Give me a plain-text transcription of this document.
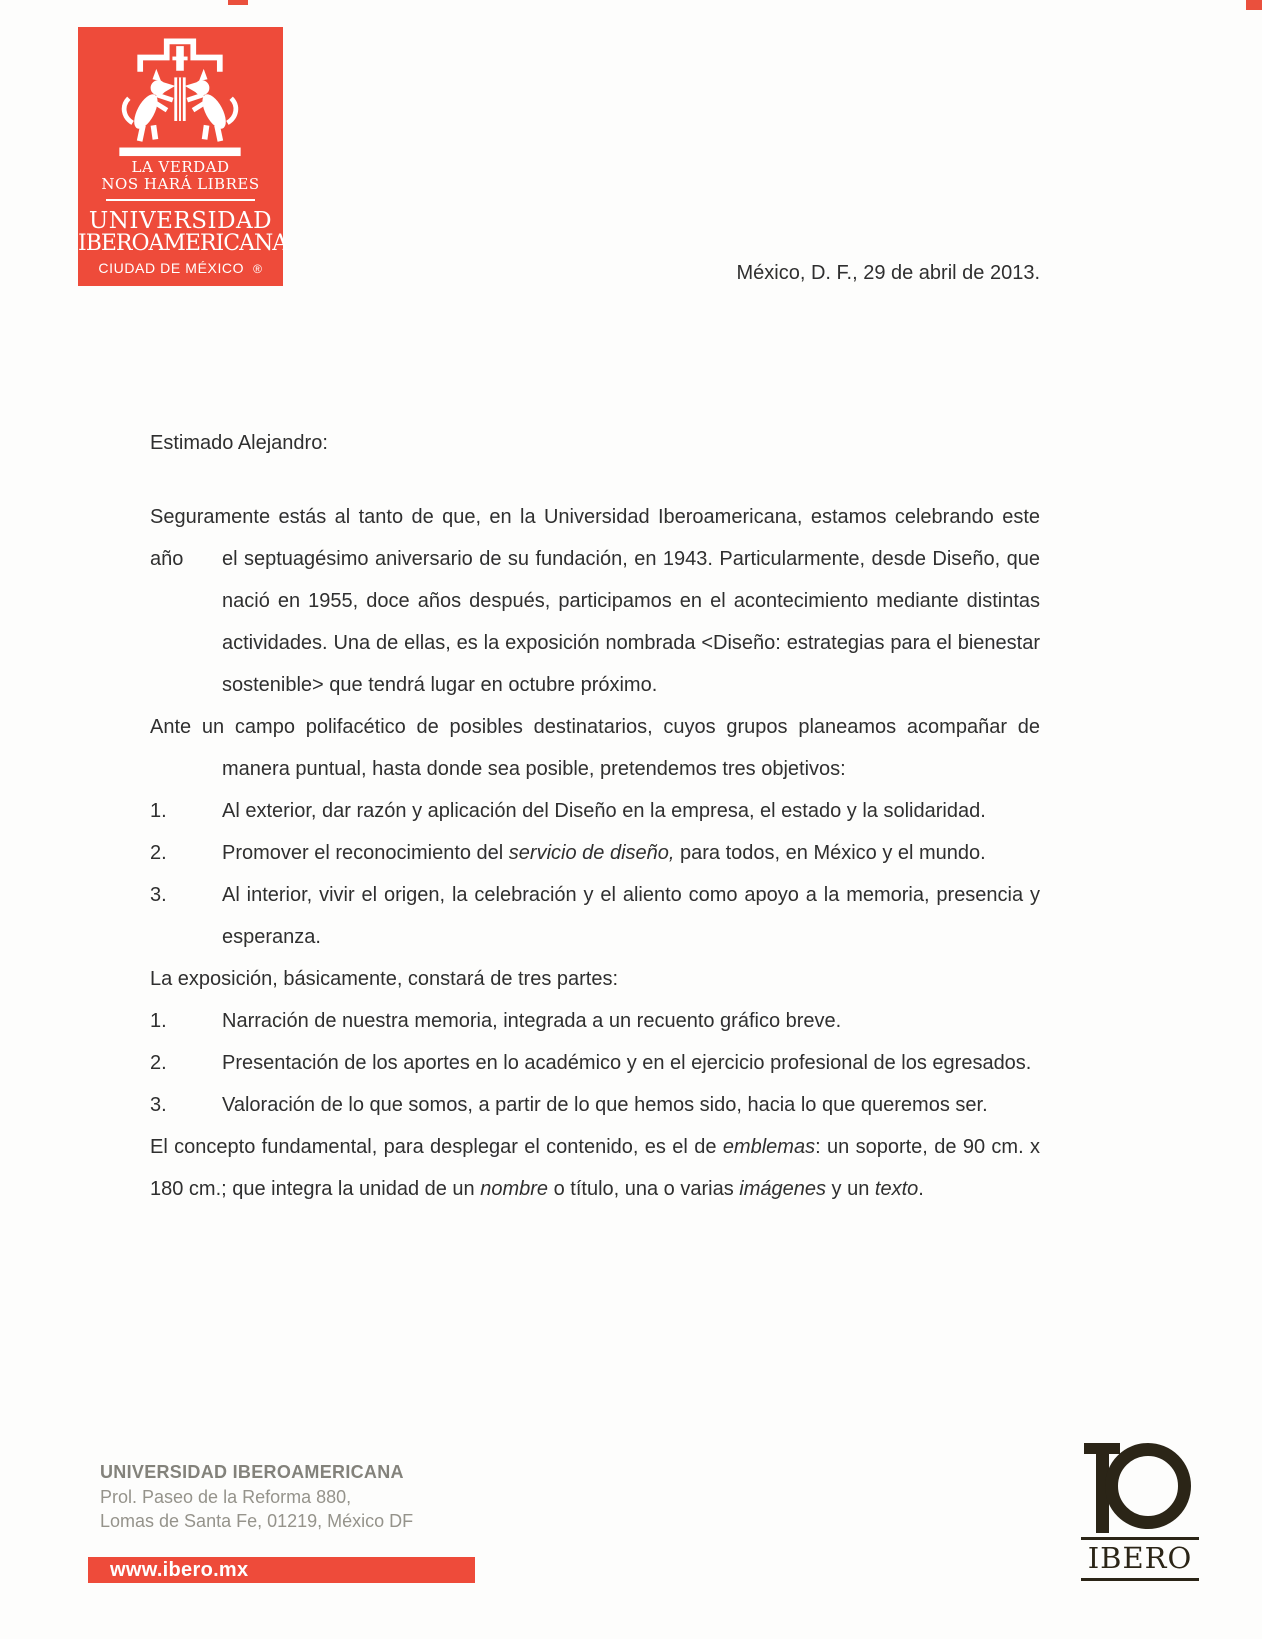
LA VERDAD
NOS HARÁ LIBRES
UNIVERSIDAD
IBEROAMERICANA
CIUDAD DE MÉXICO ®	México, D. F., 29 de abril de 2013.
Estimado Alejandro:
Seguramente estás al tanto de que, en la Universidad Iberoamericana, estamos celebrando este año	el septuagésimo aniversario de su fundación, en 1943. Particularmente, desde Diseño, que
nació en 1955, doce años después, participamos en el acontecimiento mediante distintas
actividades. Una de ellas, es la exposición nombrada <Diseño: estrategias para el bienestar
sostenible> que tendrá lugar en octubre próximo.
Ante un campo polifacético de posibles destinatarios, cuyos grupos planeamos acompañar de
manera puntual, hasta donde sea posible, pretendemos tres objetivos:
1.	Al exterior, dar razón y aplicación del Diseño en la empresa, el estado y la solidaridad.
2.	Promover el reconocimiento del servicio de diseño, para todos, en México y el mundo.
3.	Al interior, vivir el origen, la celebración y el aliento como apoyo a la memoria, presencia y
esperanza.
La exposición, básicamente, constará de tres partes:
1.	Narración de nuestra memoria, integrada a un recuento gráfico breve.
2.	Presentación de los aportes en lo académico y en el ejercicio profesional de los egresados.
3.	Valoración de lo que somos, a partir de lo que hemos sido, hacia lo que queremos ser.
El concepto fundamental, para desplegar el contenido, es el de emblemas: un soporte, de 90 cm. x
180 cm.; que integra la unidad de un nombre o título, una o varias imágenes y un texto.
UNIVERSIDAD IBEROAMERICANA
Prol. Paseo de la Reforma 880,
Lomas de Santa Fe, 01219, México DF
www.ibero.mx	IBERO
